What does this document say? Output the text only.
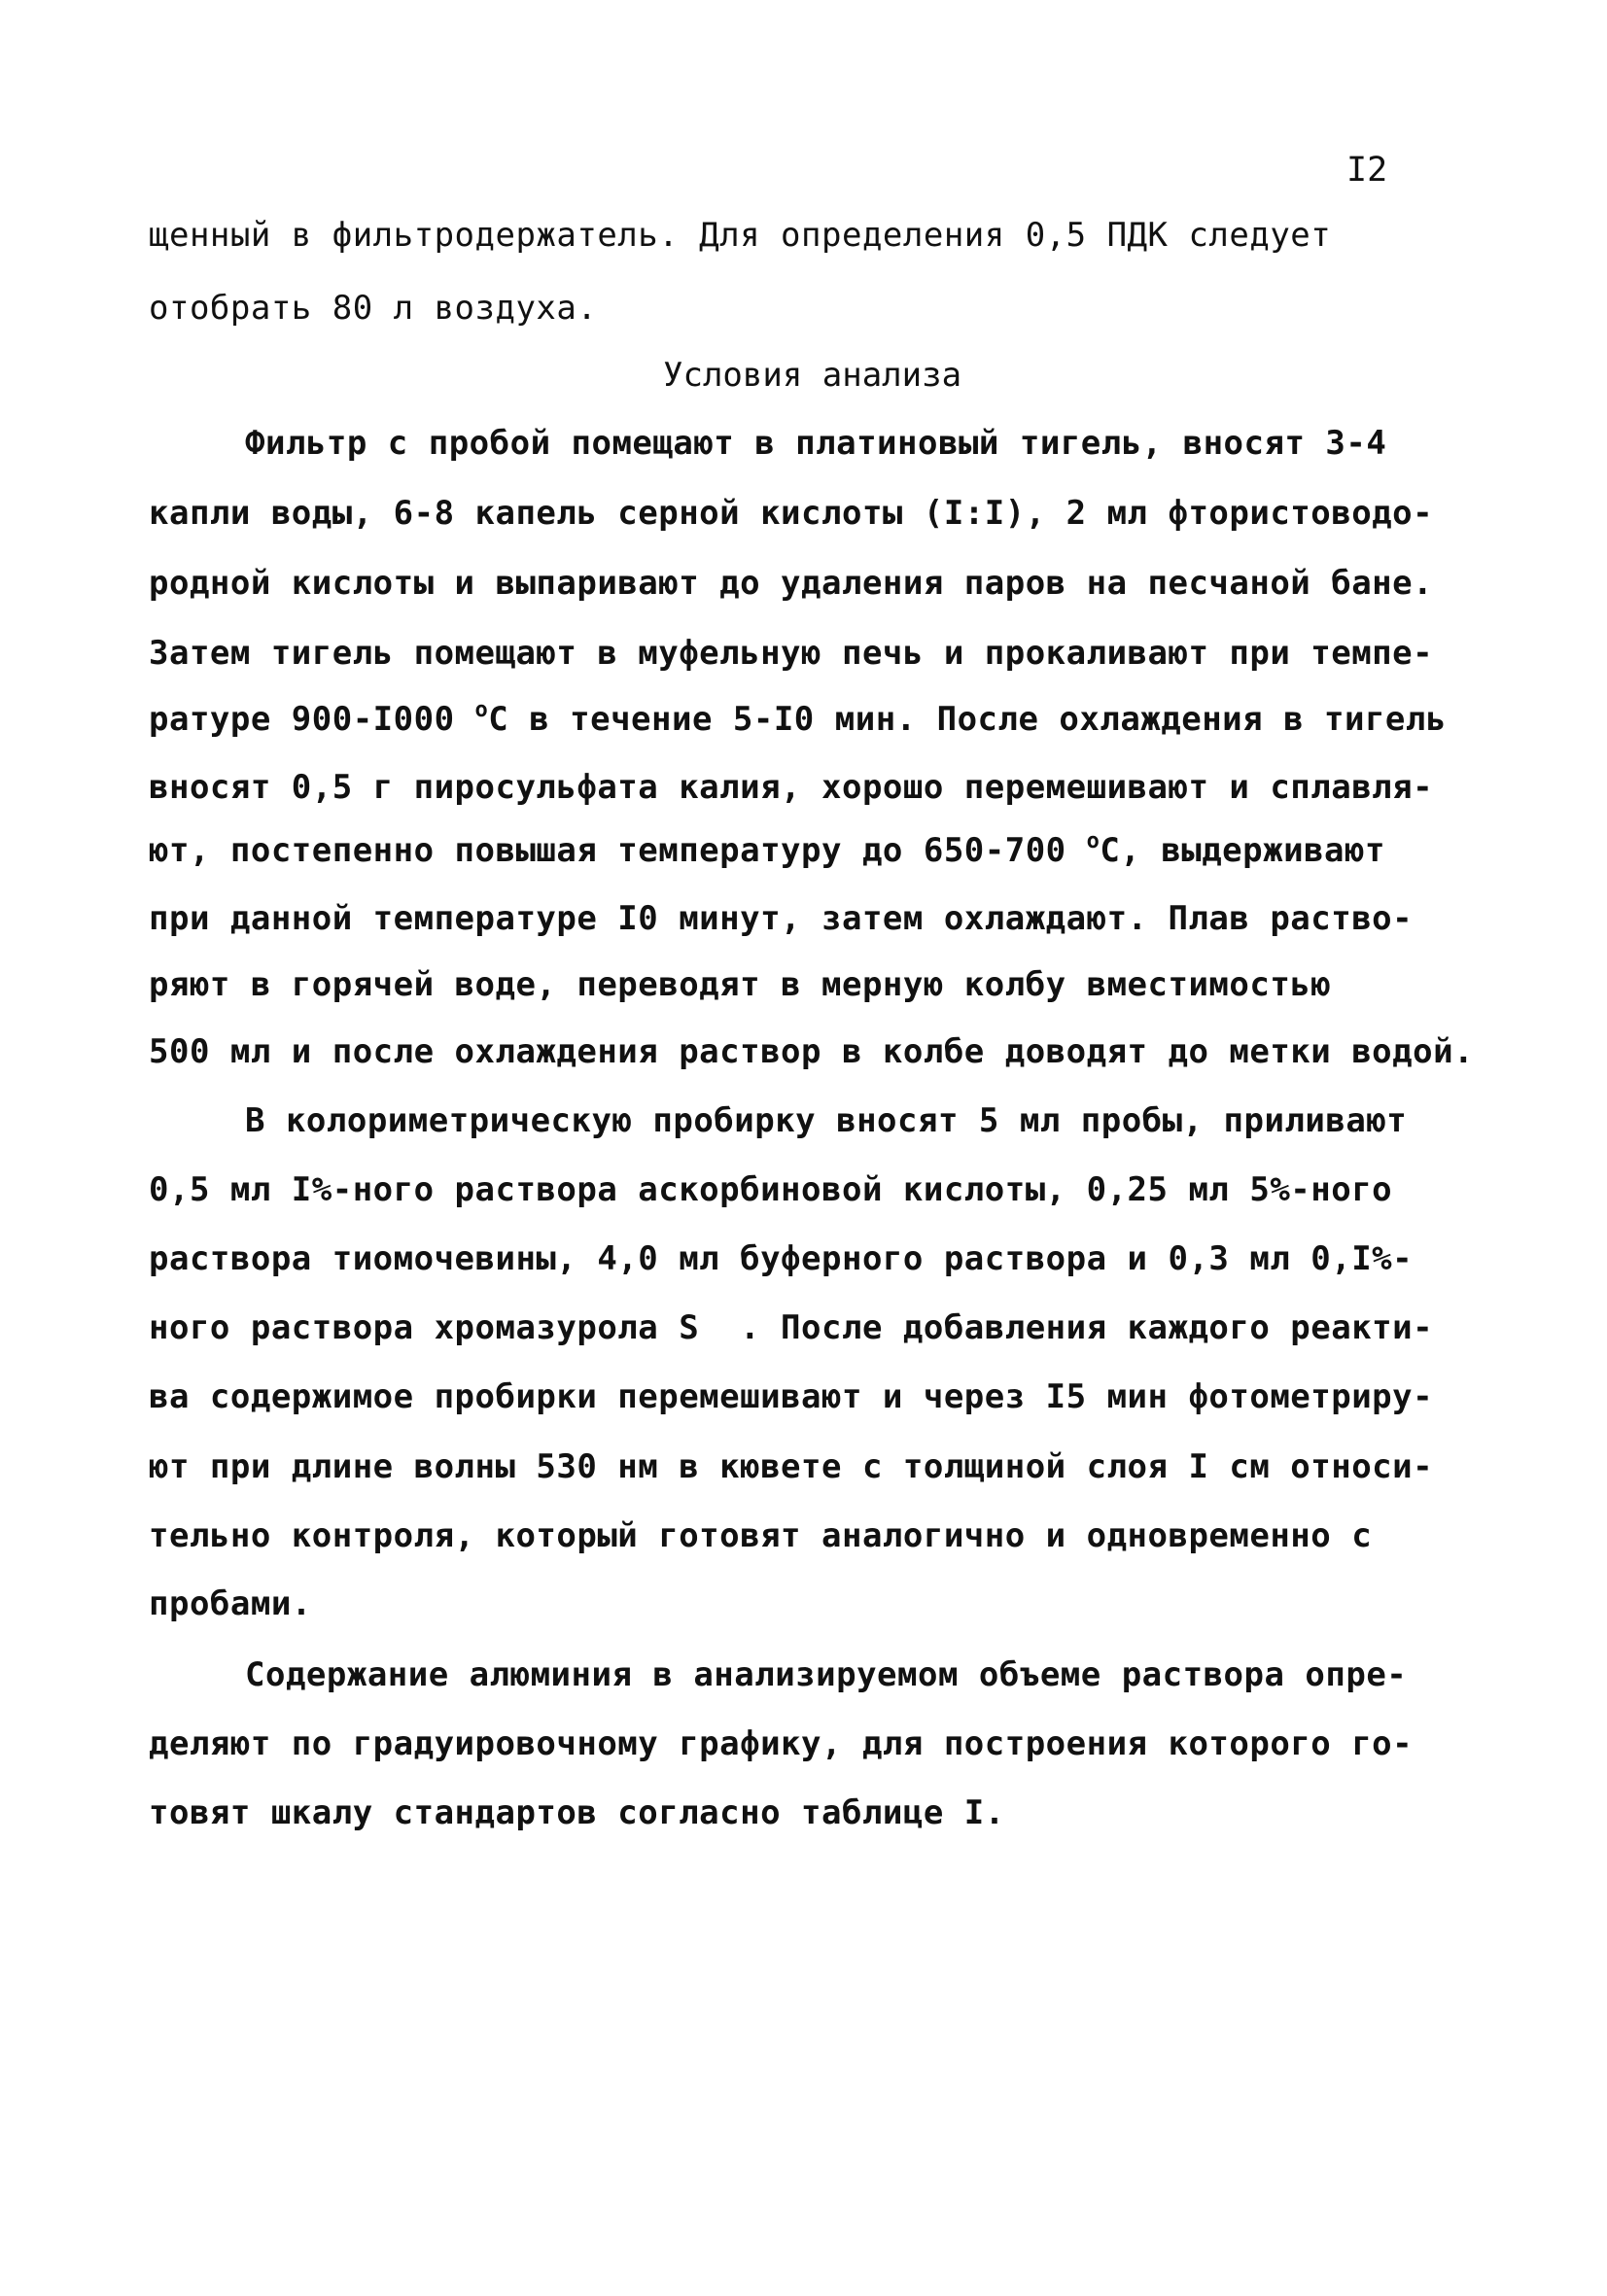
I2
щенный в фильтродержатель. Для определения 0,5 ПДК следует
отобрать 80 л воздуха.
Условия анализа
Фильтр с пробой помещают в платиновый тигель, вносят 3-4
капли воды, 6-8 капель серной кислоты (I:I), 2 мл фтористоводо-
родной кислоты и выпаривают до удаления паров на песчаной бане.
Затем тигель помещают в муфельную печь и прокаливают при темпе-
ратуре 900-I000 $^о$С в течение 5-I0 мин. После охлаждения в тигель
вносят 0,5 г пиросульфата калия, хорошо перемешивают и сплавля-
ют, постепенно повышая температуру до 650-700 $^о$С, выдерживают
при данной температуре I0 минут, затем охлаждают. Плав раство-
ряют в горячей воде, переводят в мерную колбу вместимостью
500 мл и после охлаждения раствор в колбе доводят до метки водой.
В колориметрическую пробирку вносят 5 мл пробы, приливают
0,5 мл I%-ного раствора аскорбиновой кислоты, 0,25 мл 5%-ного
раствора тиомочевины, 4,0 мл буферного раствора и 0,3 мл 0,I%-
ного раствора хромазурола S  . После добавления каждого реакти-
ва содержимое пробирки перемешивают и через I5 мин фотометриру-
ют при длине волны 530 нм в кювете с толщиной слоя I см относи-
тельно контроля, который готовят аналогично и одновременно с
пробами.
Содержание алюминия в анализируемом объеме раствора опре-
деляют по градуировочному графику, для построения которого го-
товят шкалу стандартов согласно таблице I.
